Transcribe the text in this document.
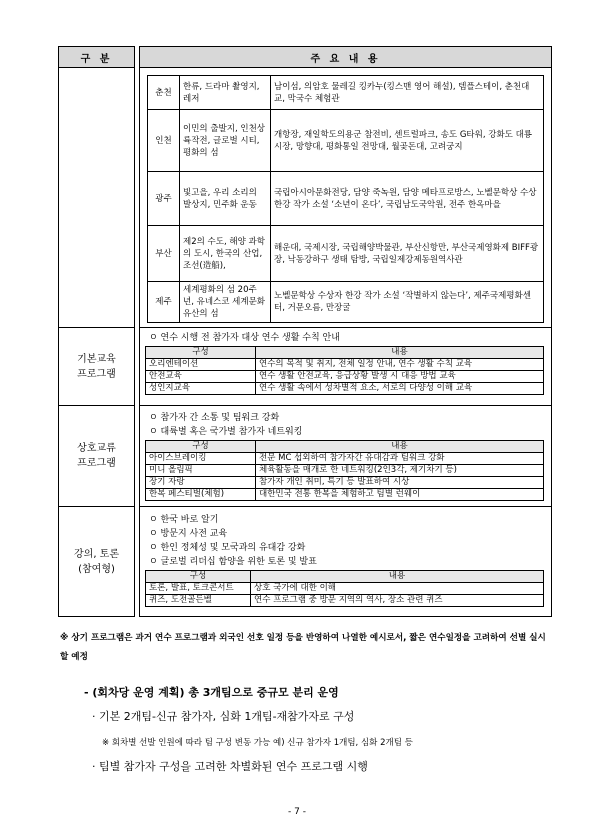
구 분		주 요 내 용

춘천	한류, 드라마 촬영지, 레저	남이섬, 의암호 물레길 킹카누(킹스맨 영어 해설), 템플스테이, 춘천대교, 막국수 체험관
인천	이민의 출발지, 인천상륙작전, 글로벌 시티, 평화의 섬	개항장, 재일학도의용군 참전비, 센트럴파크, 송도 G타워, 강화도 대룡시장, 망향대, 평화통일 전망대, 월곶돈대, 고려궁지
광주	빛고을, 우리 소리의 발상지, 민주화 운동	국립아시아문화전당, 담양 죽녹원, 담양 메타프로방스, 노벨문학상 수상 한강 작가 소설 ‘소년이 온다’, 국립남도국악원, 전주 한옥마을
부산	제2의 수도, 해양 과학의 도시, 한국의 산업, 조선(造船),	해운대, 국제시장, 국립해양박물관, 부산신항만, 부산국제영화제 BIFF광장, 낙동강하구 생태 탐방, 국립일제강제동원역사관
제주	세계평화의 섬 20주년, 유네스코 세계문화유산의 섬	노벨문학상 수상자 한강 작가 소설 ‘작별하지 않는다’, 제주국제평화센터, 거문오름, 만장굴

기본교육
프로그램

ㅇ 연수 시행 전 참가자 대상 연수 생활 수칙 안내
구성	내용
오리엔테이션	연수의 목적 및 취지, 전체 일정 안내, 연수 생활 수칙 교육
안전교육	연수 생활 안전교육, 응급상황 발생 시 대응 방법 교육
성인지교육	연수 생활 속에서 성차별적 요소, 서로의 다양성 이해 교육

상호교류
프로그램

ㅇ 참가자 간 소통 및 팀워크 강화
ㅇ 대륙별 혹은 국가별 참가자 네트워킹
구성	내용
아이스브레이킹	전문 MC 섭외하여 참가자간 유대감과 팀워크 강화
미니 올림픽	체육활동을 매개로 한 네트워킹(2인3각, 제기차기 등)
장기 자랑	참가자 개인 취미, 특기 등 발표하여 시상
한복 페스티벌(체험)	대한민국 전통 한복을 체험하고 팀별 런웨이

강의, 토론
(참여형)

ㅇ 한국 바로 알기
ㅇ 방문지 사전 교육
ㅇ 한인 정체성 및 모국과의 유대감 강화
ㅇ 글로벌 리더십 함양을 위한 토론 및 발표
구성	내용
토론, 발표, 토크콘서트	상호 국가에 대한 이해
퀴즈, 도전골든벨	연수 프로그램 중 방문 지역의 역사, 장소 관련 퀴즈
※ 상기 프로그램은 과거 연수 프로그램과 외국인 선호 일정 등을 반영하여 나열한 예시로서, 짧은 연수일정을 고려하여 선별 실시할 예정
- (회차당 운영 계획) 총 3개팀으로 중규모 분리 운영
· 기본 2개팀-신규 참가자, 심화 1개팀-재참가자로 구성
※ 회차별 선발 인원에 따라 팀 구성 변동 가능 예) 신규 참가자 1개팀, 심화 2개팀 등
· 팀별 참가자 구성을 고려한 차별화된 연수 프로그램 시행
- 7 -
